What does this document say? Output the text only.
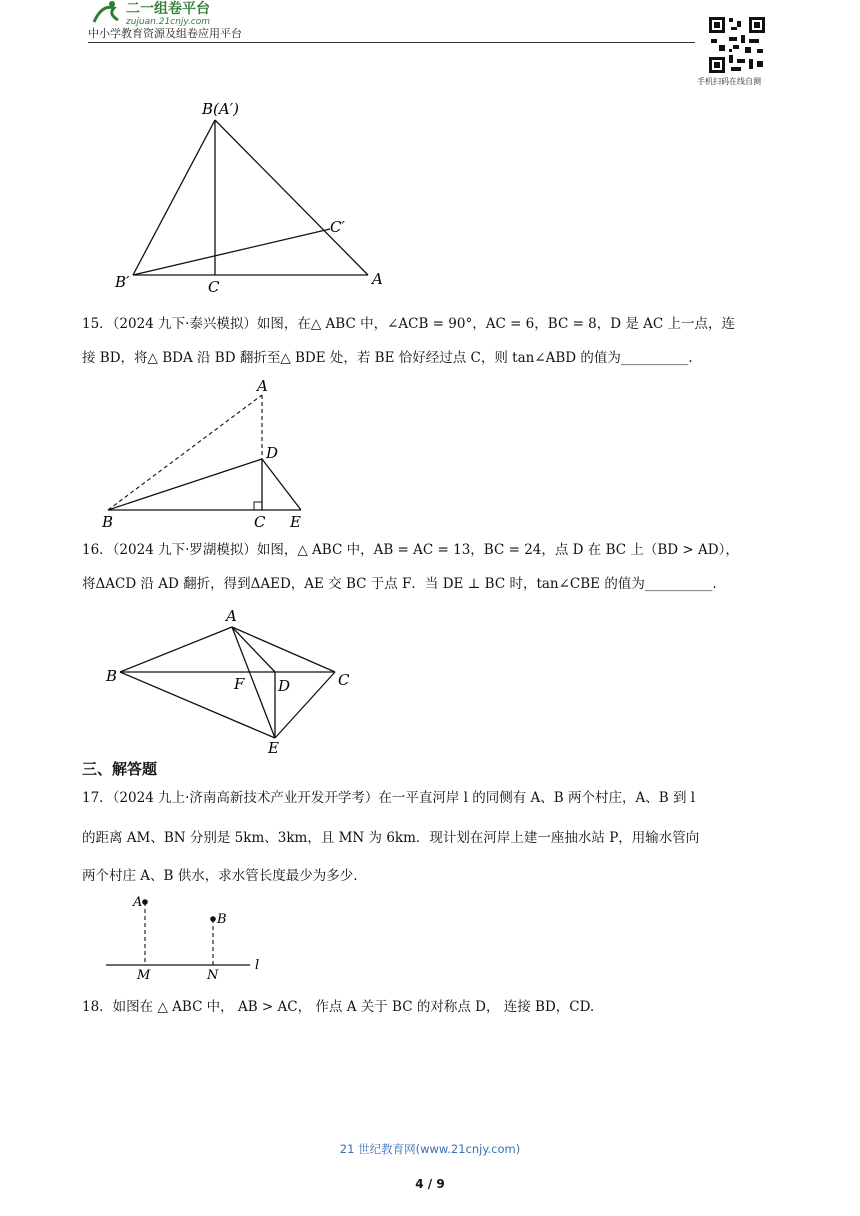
二一组卷平台
zujuan.21cnjy.com
中小学教育资源及组卷应用平台
手机扫码在线自测
B(A′)
C′
B′	C	A
15．（2024 九下·泰兴模拟）如图，在△ ABC 中，∠ACB = 90°，AC = 6，BC = 8，D 是 AC 上一点，连
接 BD，将△ BDA 沿 BD 翻折至△ BDE 处，若 BE 恰好经过点 C，则 tan∠ABD 的值为__________.
A
D
B	C E
16．（2024 九下·罗湖模拟）如图，△ ABC 中，AB = AC = 13，BC = 24，点 D 在 BC 上（BD > AD），
将ΔACD 沿 AD 翻折，得到ΔAED，AE 交 BC 于点 F．当 DE ⊥ BC 时，tan∠CBE 的值为__________.
A
B	F D	C
E
三、解答题
17．（2024 九上·济南高新技术产业开发开学考）在一平直河岸 l 的同侧有 A、B 两个村庄，A、B 到 l
的距离 AM、BN 分别是 5km、3km，且 MN 为 6km．现计划在河岸上建一座抽水站 P，用输水管向
两个村庄 A、B 供水，求水管长度最少为多少.
A
B
M	N
l
18．如图在 △ ABC 中， AB > AC， 作点 A 关于 BC 的对称点 D， 连接 BD，CD.
21 世纪教育网(www.21cnjy.com)
4 / 9
